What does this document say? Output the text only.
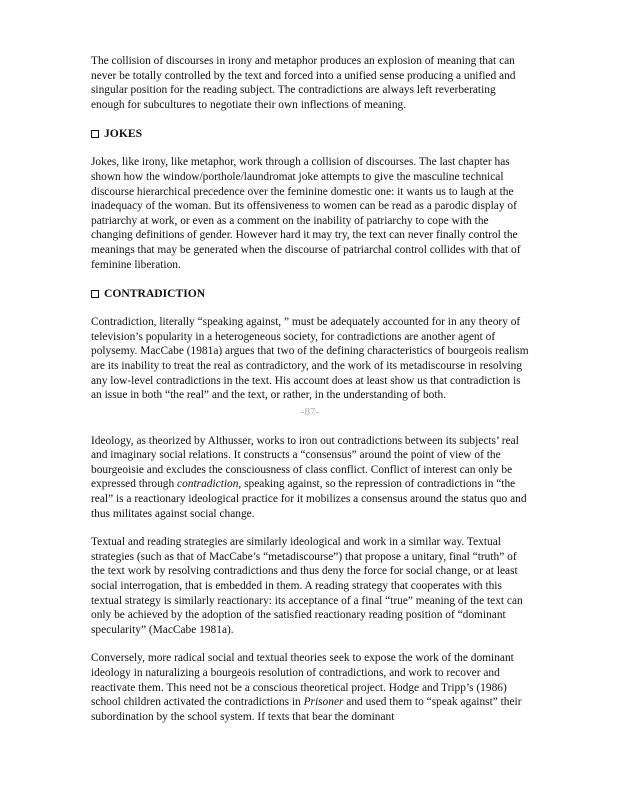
The collision of discourses in irony and metaphor produces an explosion of meaning that can never be totally controlled by the text and forced into a unified sense producing a unified and singular position for the reading subject. The contradictions are always left reverberating enough for subcultures to negotiate their own inflections of meaning.

JOKES

Jokes, like irony, like metaphor, work through a collision of discourses. The last chapter has shown how the window/porthole/laundromat joke attempts to give the masculine technical discourse hierarchical precedence over the feminine domestic one: it wants us to laugh at the inadequacy of the woman. But its offensiveness to women can be read as a parodic display of patriarchy at work, or even as a comment on the inability of patriarchy to cope with the changing definitions of gender. However hard it may try, the text can never finally control the meanings that may be generated when the discourse of patriarchal control collides with that of feminine liberation.

CONTRADICTION

Contradiction, literally “speaking against, ” must be adequately accounted for in any theory of television’s popularity in a heterogeneous society, for contradictions are another agent of polysemy. MacCabe (1981a) argues that two of the defining characteristics of bourgeois realism are its inability to treat the real as contradictory, and the work of its metadiscourse in resolving any low-level contradictions in the text. His account does at least show us that contradiction is an issue in both “the real” and the text, or rather, in the understanding of both.

-87-

Ideology, as theorized by Althusser, works to iron out contradictions between its subjects’ real and imaginary social relations. It constructs a “consensus” around the point of view of the bourgeoisie and excludes the consciousness of class conflict. Conflict of interest can only be expressed through contradiction, speaking against, so the repression of contradictions in “the real” is a reactionary ideological practice for it mobilizes a consensus around the status quo and thus militates against social change.

Textual and reading strategies are similarly ideological and work in a similar way. Textual strategies (such as that of MacCabe’s “metadiscourse”) that propose a unitary, final “truth” of the text work by resolving contradictions and thus deny the force for social change, or at least social interrogation, that is embedded in them. A reading strategy that cooperates with this textual strategy is similarly reactionary: its acceptance of a final “true” meaning of the text can only be achieved by the adoption of the satisfied reactionary reading position of “dominant specularity” (MacCabe 1981a).

Conversely, more radical social and textual theories seek to expose the work of the dominant ideology in naturalizing a bourgeois resolution of contradictions, and work to recover and reactivate them. This need not be a conscious theoretical project. Hodge and Tripp’s (1986) school children activated the contradictions in Prisoner and used them to “speak against” their subordination by the school system. If texts that bear the dominant
